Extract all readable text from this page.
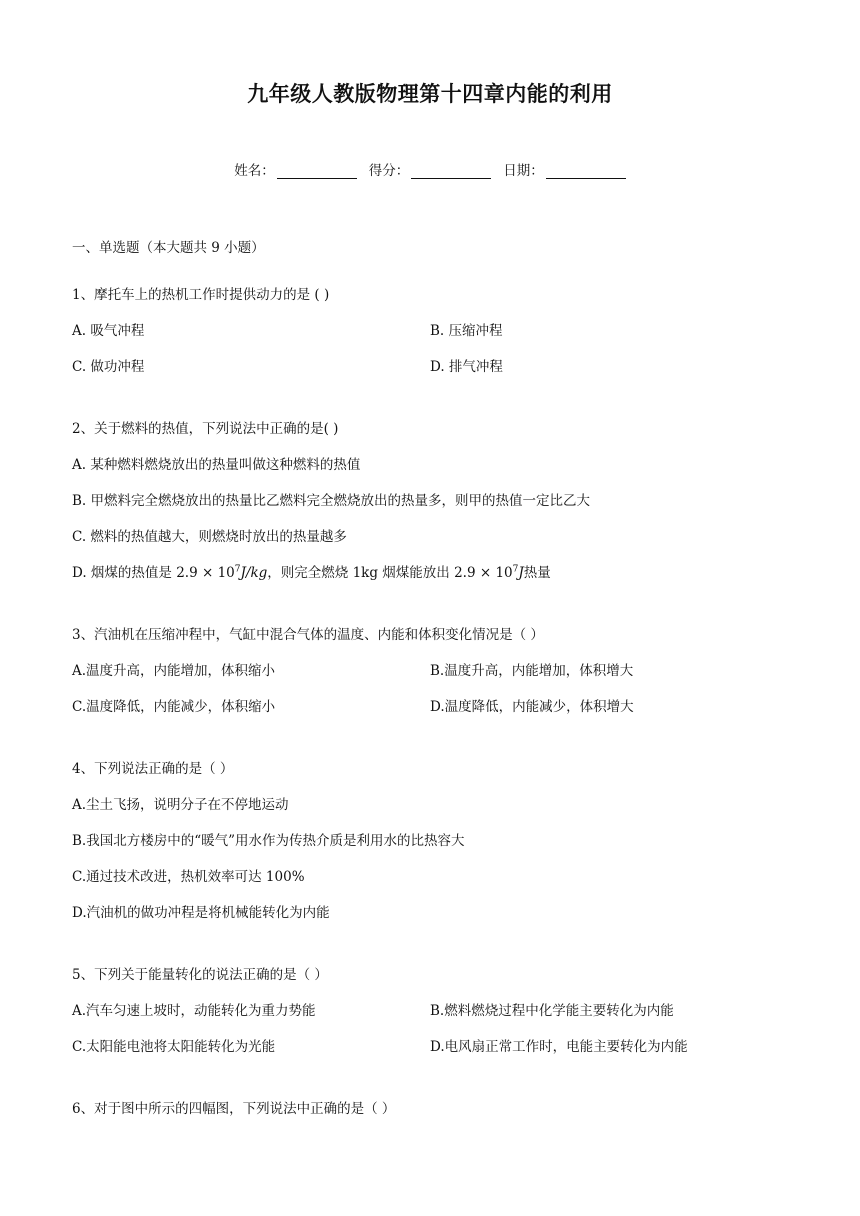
九年级人教版物理第十四章内能的利用
姓名：	得分：	日期：
一、单选题（本大题共 9 小题）
1、摩托车上的热机工作时提供动力的是 ( )
A. 吸气冲程	B. 压缩冲程
C. 做功冲程	D. 排气冲程
2、关于燃料的热值，下列说法中正确的是( )
A. 某种燃料燃烧放出的热量叫做这种燃料的热值
B. 甲燃料完全燃烧放出的热量比乙燃料完全燃烧放出的热量多，则甲的热值一定比乙大
C. 燃料的热值越大，则燃烧时放出的热量越多
D. 烟煤的热值是 $2.9 \times 10^7J/kg$，则完全燃烧 1kg 烟煤能放出 $2.9 \times 10^7J$热量
3、汽油机在压缩冲程中，气缸中混合气体的温度、内能和体积变化情况是（ ）
A.温度升高，内能增加，体积缩小	B.温度升高，内能增加，体积增大
C.温度降低，内能减少，体积缩小	D.温度降低，内能减少，体积增大
4、下列说法正确的是（ ）
A.尘土飞扬，说明分子在不停地运动
B.我国北方楼房中的“暖气”用水作为传热介质是利用水的比热容大
C.通过技术改进，热机效率可达 100%
D.汽油机的做功冲程是将机械能转化为内能
5、下列关于能量转化的说法正确的是（ ）
A.汽车匀速上坡时，动能转化为重力势能	B.燃料燃烧过程中化学能主要转化为内能
C.太阳能电池将太阳能转化为光能	D.电风扇正常工作时，电能主要转化为内能
6、对于图中所示的四幅图，下列说法中正确的是（ ）
